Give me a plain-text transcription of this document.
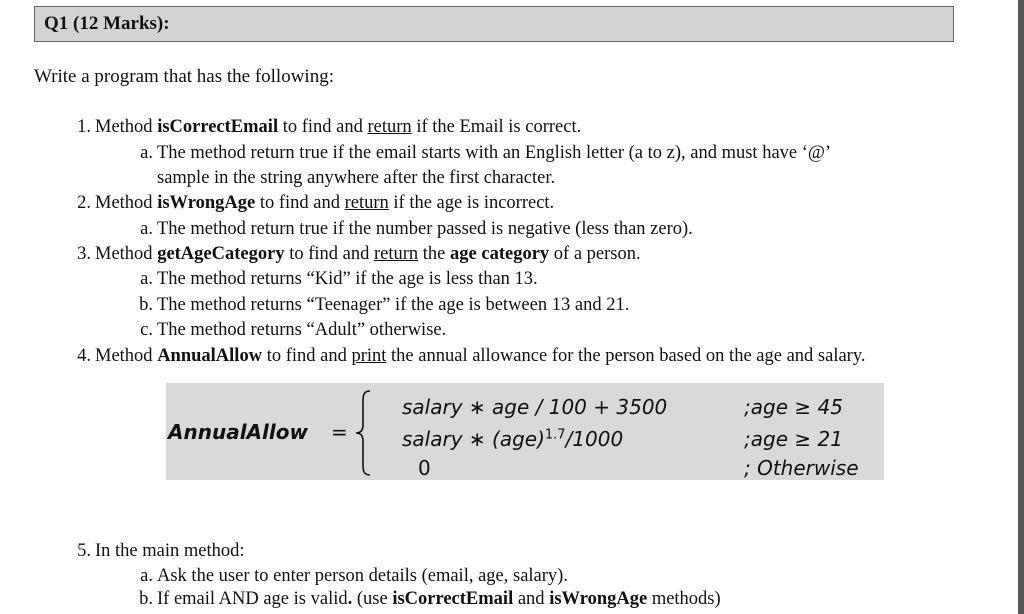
Q1 (12 Marks):
Write a program that has the following:
1. Method isCorrectEmail to find and return if the Email is correct.
a. The method return true if the email starts with an English letter (a to z), and must have ‘@’
sample in the string anywhere after the first character.
2. Method isWrongAge to find and return if the age is incorrect.
a. The method return true if the number passed is negative (less than zero).
3. Method getAgeCategory to find and return the age category of a person.
a. The method returns “Kid” if the age is less than 13.
b. The method returns “Teenager” if the age is between 13 and 21.
c. The method returns “Adult” otherwise.
4. Method AnnualAllow to find and print the annual allowance for the person based on the age and salary.
AnnualAllow =
salary ∗ age / 100 + 3500
salary ∗ (age)$^{1.7}$/1000
0
;age ≥ 45
;age ≥ 21
; Otherwise
5. In the main method:
a. Ask the user to enter person details (email, age, salary).
b. If email AND age is valid. (use isCorrectEmail and isWrongAge methods)
